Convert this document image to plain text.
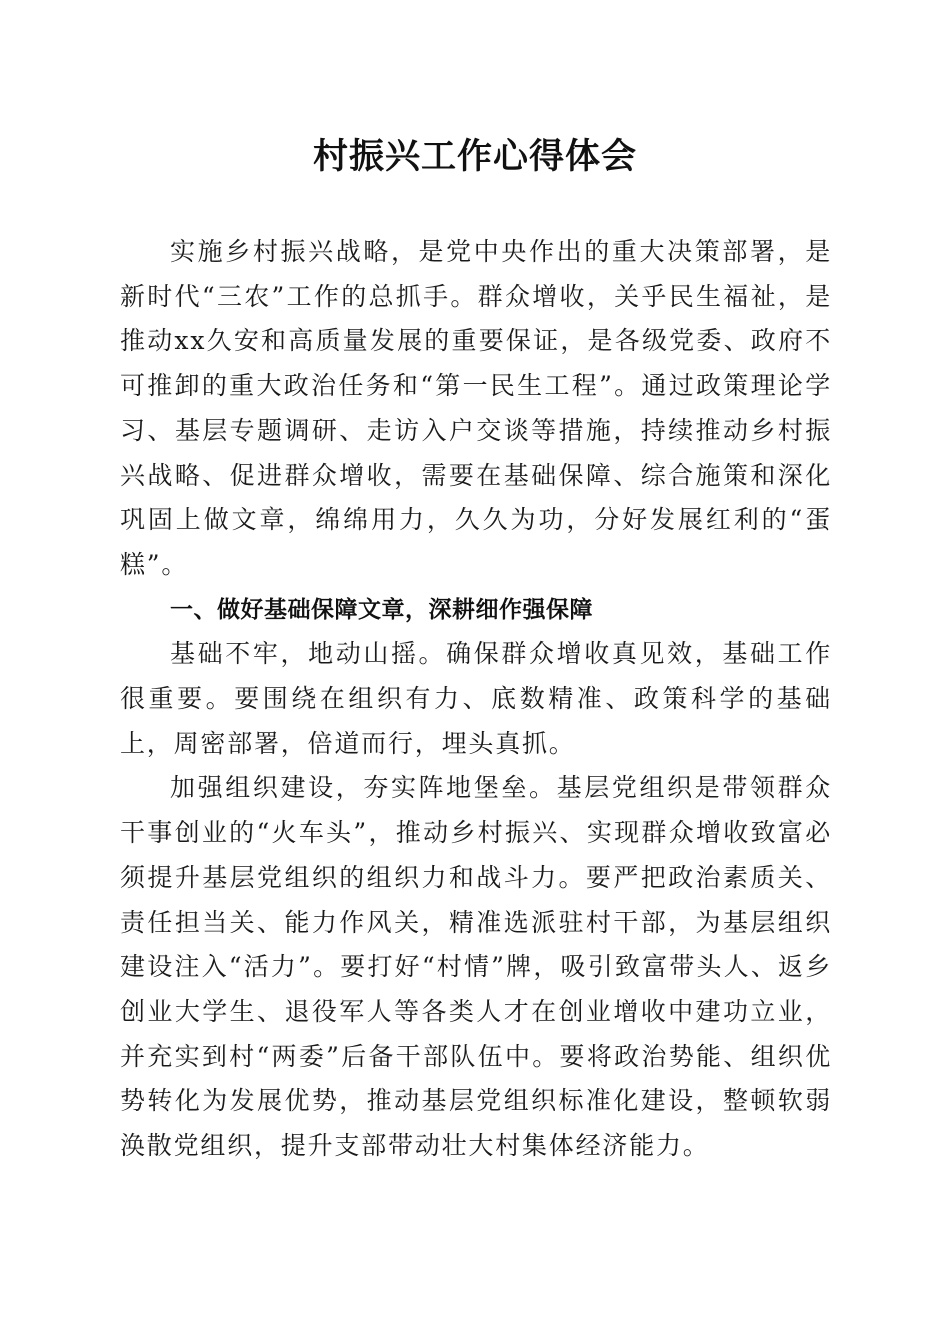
村振兴工作心得体会

实施乡村振兴战略，是党中央作出的重大决策部署，是新时代“三农”工作的总抓手。群众增收，关乎民生福祉，是推动xx久安和高质量发展的重要保证，是各级党委、政府不可推卸的重大政治任务和“第一民生工程”。通过政策理论学习、基层专题调研、走访入户交谈等措施，持续推动乡村振兴战略、促进群众增收，需要在基础保障、综合施策和深化巩固上做文章，绵绵用力，久久为功，分好发展红利的“蛋糕”。

一、做好基础保障文章，深耕细作强保障

基础不牢，地动山摇。确保群众增收真见效，基础工作很重要。要围绕在组织有力、底数精准、政策科学的基础上，周密部署，倍道而行，埋头真抓。

加强组织建设，夯实阵地堡垒。基层党组织是带领群众干事创业的“火车头”，推动乡村振兴、实现群众增收致富必须提升基层党组织的组织力和战斗力。要严把政治素质关、责任担当关、能力作风关，精准选派驻村干部，为基层组织建设注入“活力”。要打好“村情”牌，吸引致富带头人、返乡创业大学生、退役军人等各类人才在创业增收中建功立业，并充实到村“两委”后备干部队伍中。要将政治势能、组织优势转化为发展优势，推动基层党组织标准化建设，整顿软弱涣散党组织，提升支部带动壮大村集体经济能力。
